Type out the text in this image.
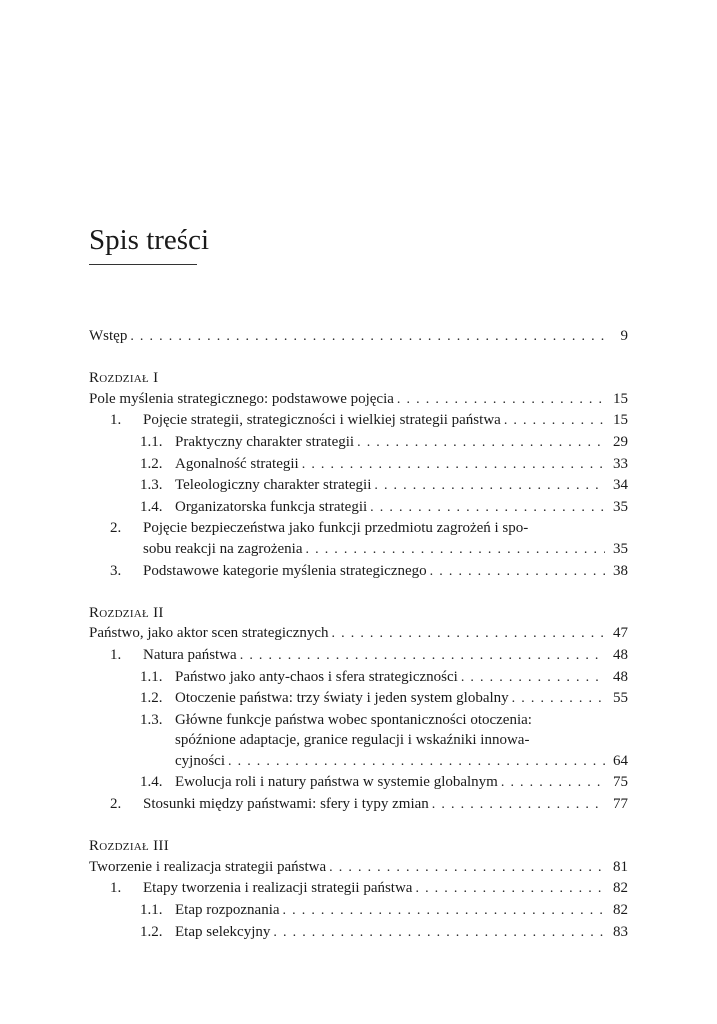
Spis treści
Wstęp . . .	9
Rozdział I
Pole myślenia strategicznego: podstawowe pojęcia . . .	15
1. Pojęcie strategii, strategiczności i wielkiej strategii państwa . . .	15
1.1. Praktyczny charakter strategii . . .	29
1.2. Agonalność strategii . . .	33
1.3. Teleologiczny charakter strategii . . .	34
1.4. Organizatorska funkcja strategii . . .	35
2. Pojęcie bezpieczeństwa jako funkcji przedmiotu zagrożeń i spo-
sobu reakcji na zagrożenia . . .	35
3. Podstawowe kategorie myślenia strategicznego . . .	38
Rozdział II
Państwo, jako aktor scen strategicznych . . .	47
1. Natura państwa . . .	48
1.1. Państwo jako anty-chaos i sfera strategiczności . . .	48
1.2. Otoczenie państwa: trzy światy i jeden system globalny . . .	55
1.3. Główne funkcje państwa wobec spontaniczności otoczenia:
spóźnione adaptacje, granice regulacji i wskaźniki innowa-
cyjności . . .	64
1.4. Ewolucja roli i natury państwa w systemie globalnym . . .	75
2. Stosunki między państwami: sfery i typy zmian . . .	77
Rozdział III
Tworzenie i realizacja strategii państwa . . .	81
1. Etapy tworzenia i realizacji strategii państwa . . .	82
1.1. Etap rozpoznania . . .	82
1.2. Etap selekcyjny . . .	83
